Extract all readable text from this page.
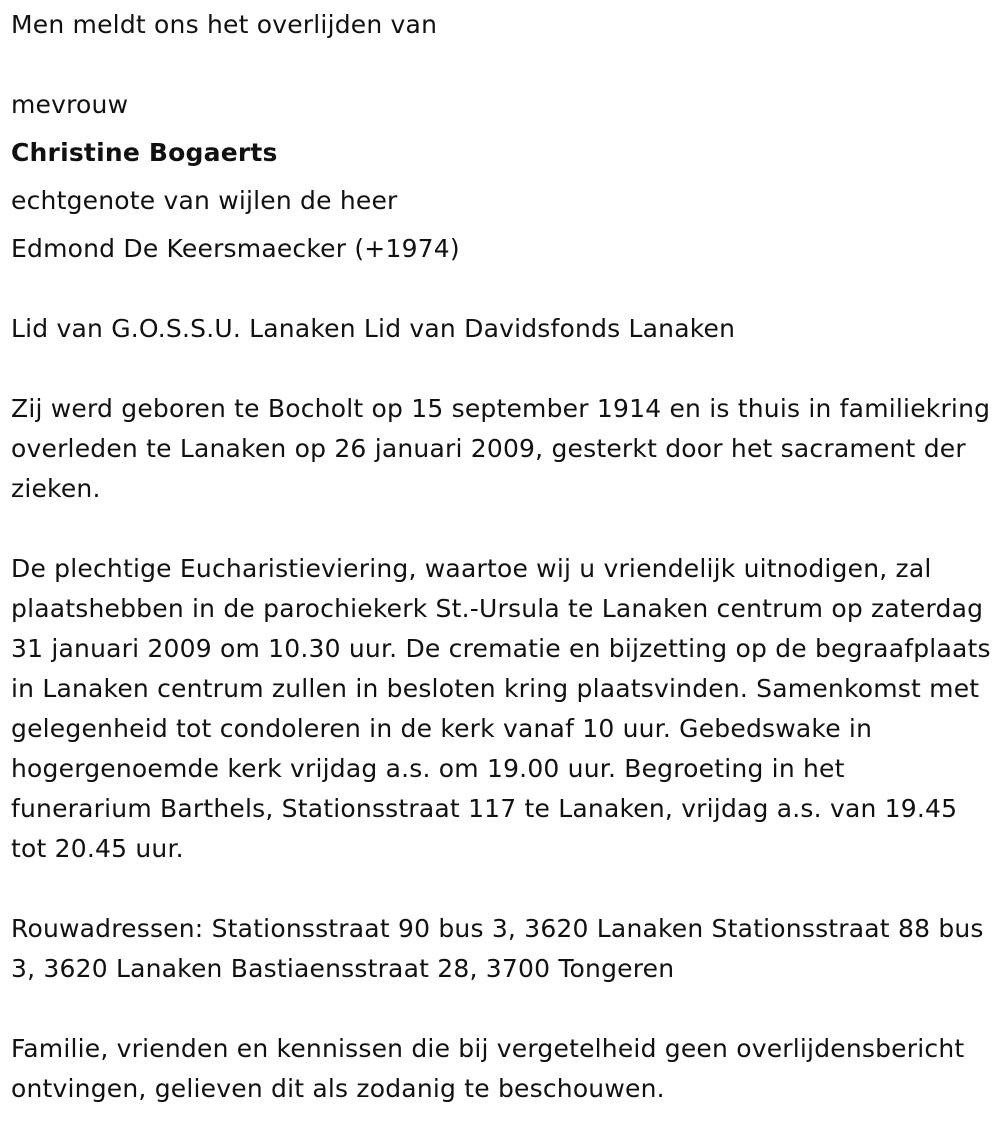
Men meldt ons het overlijden van
mevrouw
Christine Bogaerts
echtgenote van wijlen de heer
Edmond De Keersmaecker (+1974)
Lid van G.O.S.S.U. Lanaken Lid van Davidsfonds Lanaken
Zij werd geboren te Bocholt op 15 september 1914 en is thuis in familiekring overleden te Lanaken op 26 januari 2009, gesterkt door het sacrament der zieken.
De plechtige Eucharistieviering, waartoe wij u vriendelijk uitnodigen, zal plaatshebben in de parochiekerk St.-Ursula te Lanaken centrum op zaterdag 31 januari 2009 om 10.30 uur. De crematie en bijzetting op de begraafplaats in Lanaken centrum zullen in besloten kring plaatsvinden. Samenkomst met gelegenheid tot condoleren in de kerk vanaf 10 uur. Gebedswake in hogergenoemde kerk vrijdag a.s. om 19.00 uur. Begroeting in het funerarium Barthels, Stationsstraat 117 te Lanaken, vrijdag a.s. van 19.45 tot 20.45 uur.
Rouwadressen: Stationsstraat 90 bus 3, 3620 Lanaken Stationsstraat 88 bus 3, 3620 Lanaken Bastiaensstraat 28, 3700 Tongeren
Familie, vrienden en kennissen die bij vergetelheid geen overlijdensbericht ontvingen, gelieven dit als zodanig te beschouwen.
